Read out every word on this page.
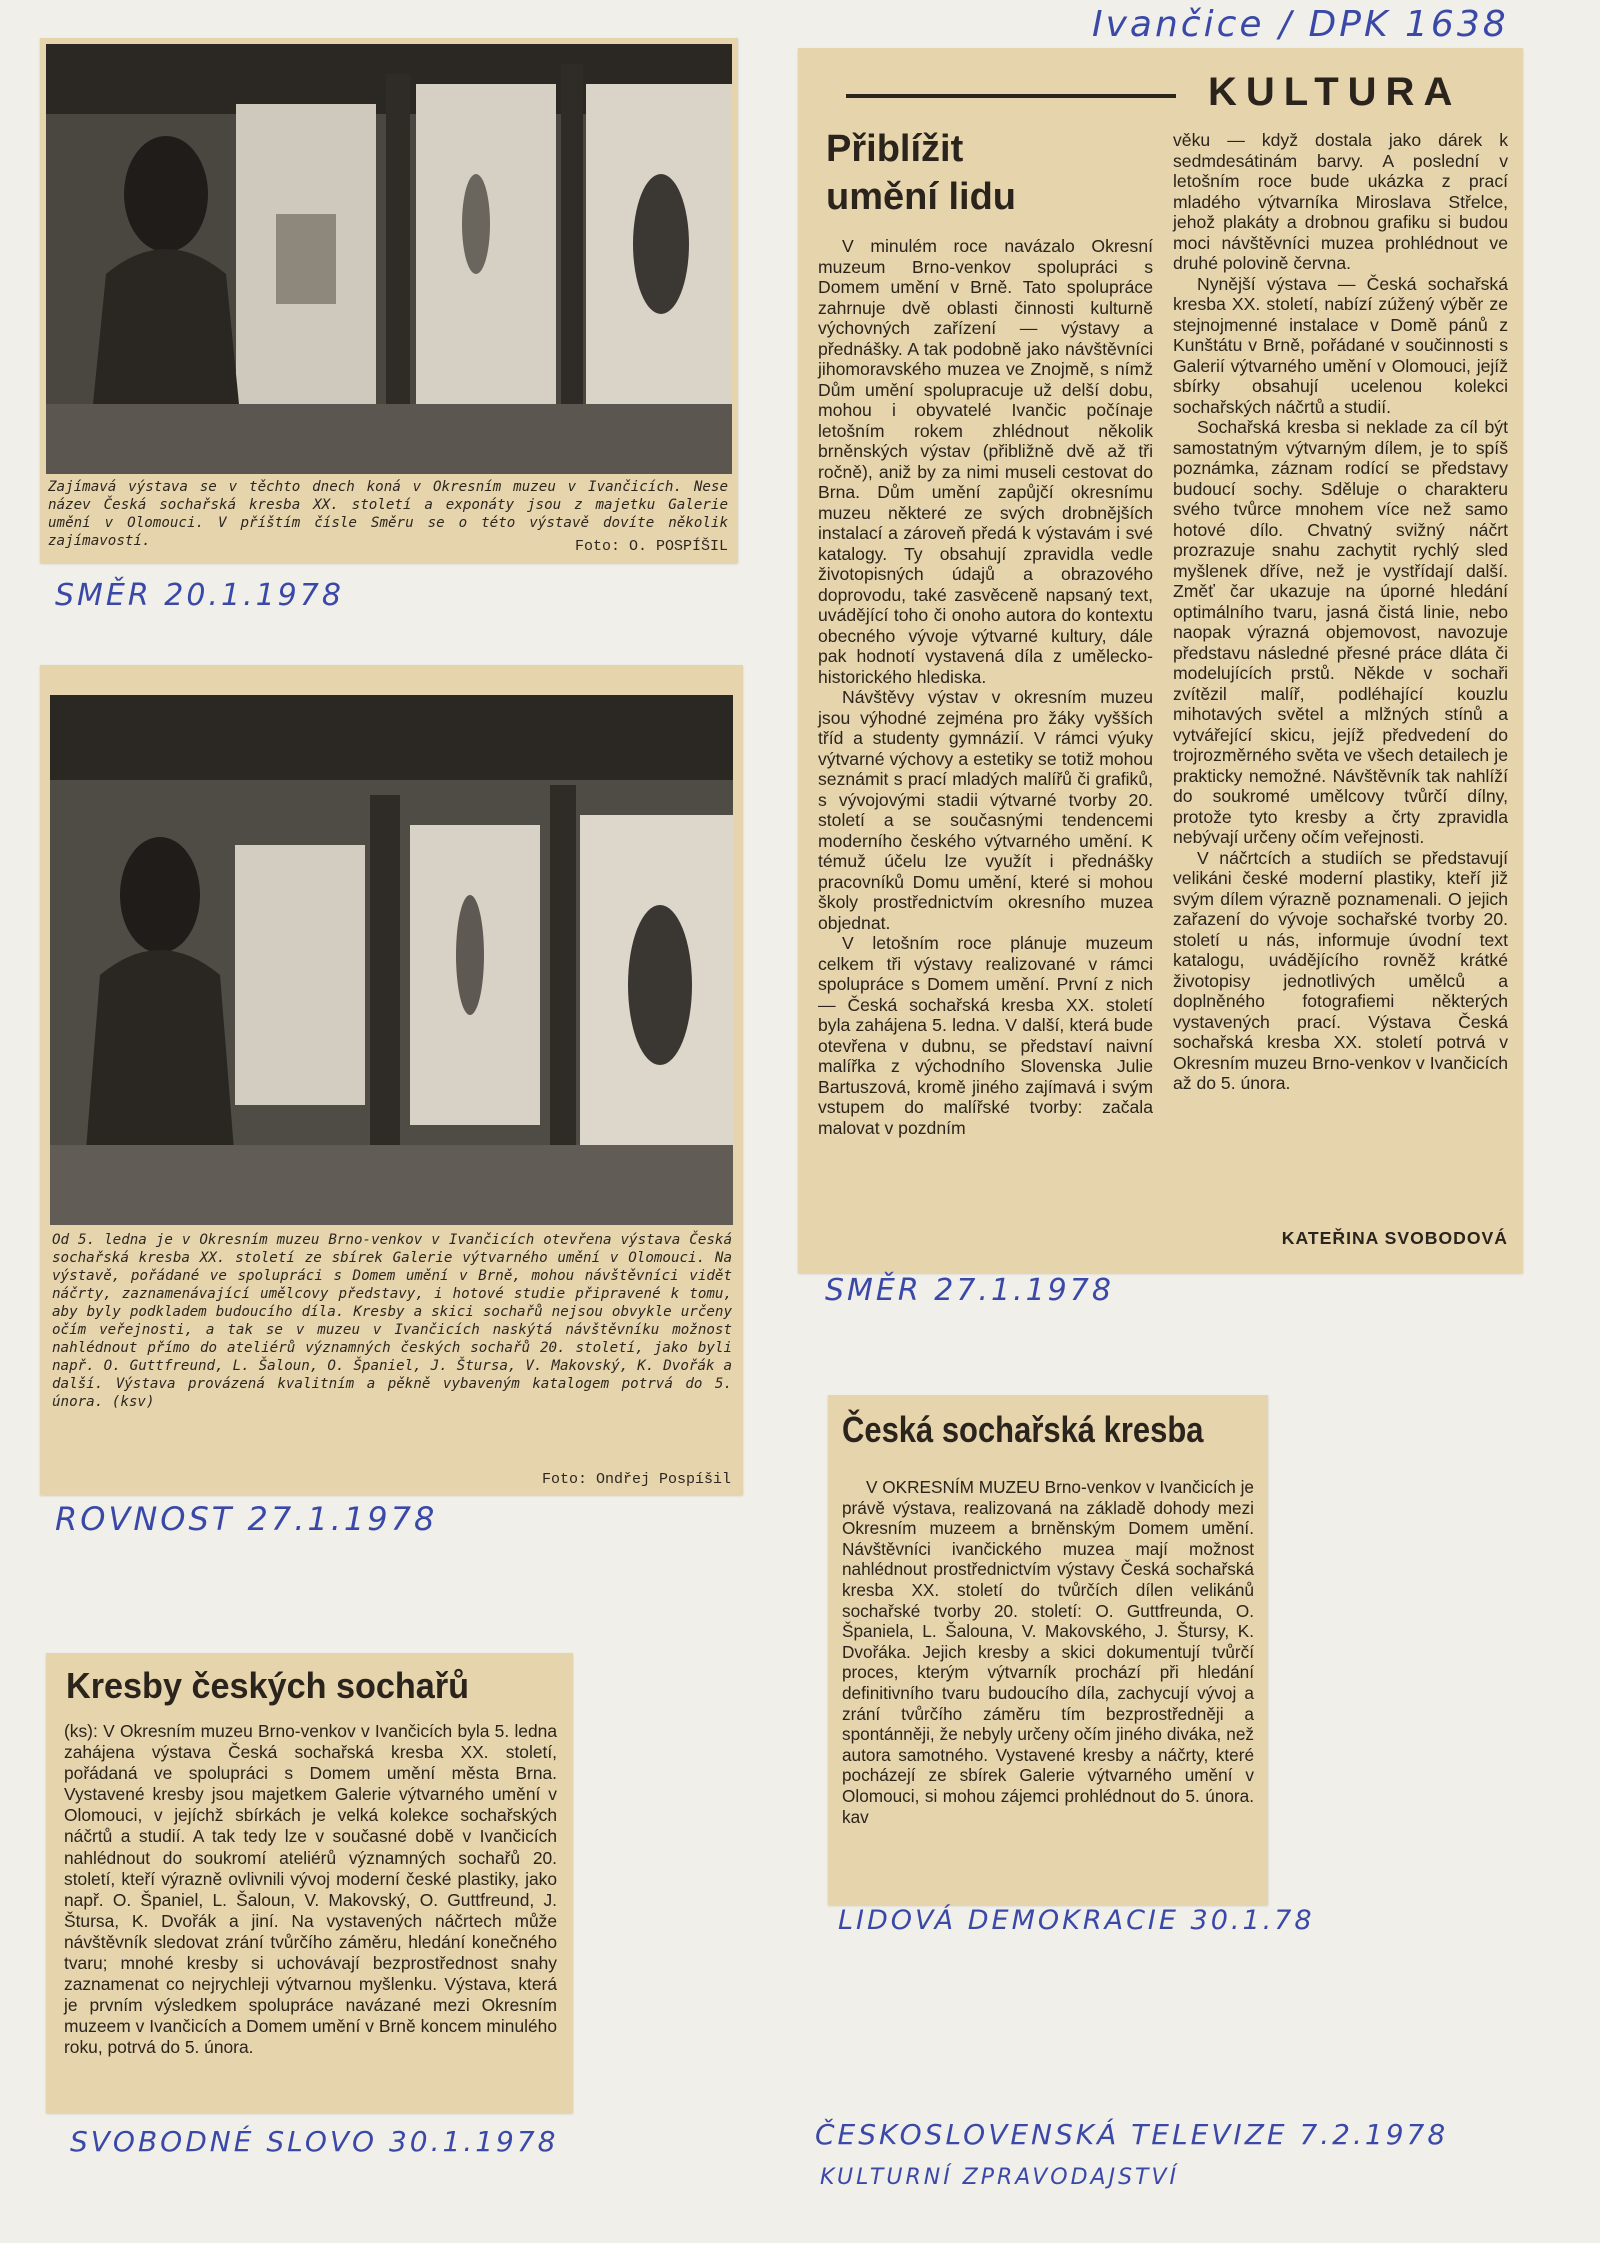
Ivančice / DPK 1638
Zajímavá výstava se v těchto dnech koná v Okresním muzeu v Ivančicích. Nese název Česká sochařská kresba XX. století a exponáty jsou z majetku Galerie umění v Olomouci. V příštím čísle Směru se o této výstavě dovíte několik zajímavostí.	Foto: O. POSPÍŠIL
SMĚR 20.1.1978
Od 5. ledna je v Okresním muzeu Brno-venkov v Ivančicích otevřena výstava Česká sochařská kresba XX. století ze sbírek Galerie výtvarného umění v Olomouci. Na výstavě, pořádané ve spolupráci s Domem umění v Brně, mohou návštěvníci vidět náčrty, zaznamenávající umělcovy představy, i hotové studie připravené k tomu, aby byly podkladem budoucího díla. Kresby a skici sochařů nejsou obvykle určeny očím veřejnosti, a tak se v muzeu v Ivančicích naskýtá návštěvníku možnost nahlédnout přímo do ateliérů významných českých sochařů 20. století, jako byli např. O. Guttfreund, L. Šaloun, O. Španiel, J. Štursa, V. Makovský, K. Dvořák a další. Výstava provázená kvalitním a pěkně vybaveným katalogem potrvá do 5. února. (ksv)
Foto: Ondřej Pospíšil
ROVNOST 27.1.1978
KULTURA
Přiblížit
umění lidu

V minulém roce navázalo Okresní muzeum Brno-venkov spolupráci s Domem umění v Brně. Tato spolupráce zahrnuje dvě oblasti činnosti kulturně výchovných zařízení — výstavy a přednášky. A tak podobně jako návštěvníci jihomoravského muzea ve Znojmě, s nímž Dům umění spolupracuje už delší dobu, mohou i obyvatelé Ivančic počínaje letošním rokem zhlédnout několik brněnských výstav (přibližně dvě až tři ročně), aniž by za nimi museli cestovat do Brna. Dům umění zapůjčí okresnímu muzeu některé ze svých drobnějších instalací a zároveň předá k výstavám i své katalogy. Ty obsahují zpravidla vedle životopisných údajů a obrazového doprovodu, také zasvěceně napsaný text, uvádějící toho či onoho autora do kontextu obecného vývoje výtvarné kultury, dále pak hodnotí vystavená díla z umělecko-historického hlediska.

Návštěvy výstav v okresním muzeu jsou výhodné zejména pro žáky vyšších tříd a studenty gymnázií. V rámci výuky výtvarné výchovy a estetiky se totiž mohou seznámit s prací mladých malířů či grafiků, s vývojovými stadii výtvarné tvorby 20. století a se současnými tendencemi moderního českého výtvarného umění. K témuž účelu lze využít i přednášky pracovníků Domu umění, které si mohou školy prostřednictvím okresního muzea objednat.

V letošním roce plánuje muzeum celkem tři výstavy realizované v rámci spolupráce s Domem umění. První z nich — Česká sochařská kresba XX. století byla zahájena 5. ledna. V další, která bude otevřena v dubnu, se představí naivní malířka z východního Slovenska Julie Bartuszová, kromě jiného zajímavá i svým vstupem do malířské tvorby: začala malovat v pozdním

věku — když dostala jako dárek k sedmdesátinám barvy. A poslední v letošním roce bude ukázka z prací mladého výtvarníka Miroslava Střelce, jehož plakáty a drobnou grafiku si budou moci návštěvníci muzea prohlédnout ve druhé polovině června.

Nynější výstava — Česká sochařská kresba XX. století, nabízí zúžený výběr ze stejnojmenné instalace v Domě pánů z Kunštátu v Brně, pořádané v součinnosti s Galerií výtvarného umění v Olomouci, jejíž sbírky obsahují ucelenou kolekci sochařských náčrtů a studií.

Sochařská kresba si nekladе za cíl být samostatným výtvarným dílem, je to spíš poznámka, záznam rodící se představy budoucí sochy. Sděluje o charakteru svého tvůrce mnohem více než samo hotové dílo. Chvatný svižný náčrt prozrazuje snahu zachytit rychlý sled myšlenek dříve, než je vystřídají další. Změť čar ukazuje na úporné hledání optimálního tvaru, jasná čistá linie, nebo naopak výrazná objemovost, navozuje představu následné přesné práce dláta či modelujících prstů. Někde v sochaři zvítězil malíř, podléhající kouzlu mihotavých světel a mlžných stínů a vytvářející skicu, jejíž předvedení do trojrozměrného světa ve všech detailech je prakticky nemožné. Návštěvník tak nahlíží do soukromé umělcovy tvůrčí dílny, protože tyto kresby a črty zpravidla nebývají určeny očím veřejnosti.

V náčrtcích a studiích se představují velikáni české moderní plastiky, kteří již svým dílem výrazně poznamenali. O jejich zařazení do vývoje sochařské tvorby 20. století u nás, informuje úvodní text katalogu, uvádějícího rovněž krátké životopisy jednotlivých umělců a doplněného fotografiemi některých vystavených prací. Výstava Česká sochařská kresba XX. století potrvá v Okresním muzeu Brno-venkov v Ivančicích až do 5. února.

KATEŘINA SVOBODOVÁ
SMĚR 27.1.1978
Česká sochařská kresba

V OKRESNÍM MUZEU Brno-venkov v Ivančicích je právě výstava, realizovaná na základě dohody mezi Okresním muzeem a brněnským Domem umění. Návštěvníci ivančického muzea mají možnost nahlédnout prostřednictvím výstavy Česká sochařská kresba XX. století do tvůrčích dílen velikánů sochařské tvorby 20. století: O. Guttfreunda, O. Španiela, L. Šalouna, V. Makovského, J. Štursy, K. Dvořáka. Jejich kresby a skici dokumentují tvůrčí proces, kterým výtvarník prochází při hledání definitivního tvaru budoucího díla, zachycují vývoj a zrání tvůrčího záměru tím bezprostředněji a spontánněji, že nebyly určeny očím jiného diváka, než autora samotného. Vystavené kresby a náčrty, které pocházejí ze sbírek Galerie výtvarného umění v Olomouci, si mohou zájemci prohlédnout do 5. února. kav

LIDOVÁ DEMOKRACIE 30.1.78
Kresby českých sochařů

(ks): V Okresním muzeu Brno-venkov v Ivančicích byla 5. ledna zahájena výstava Česká sochařská kresba XX. století, pořádaná ve spolupráci s Domem umění města Brna. Vystavené kresby jsou majetkem Galerie výtvarného umění v Olomouci, v jejíchž sbírkách je velká kolekce sochařských náčrtů a studií. A tak tedy lze v současné době v Ivančicích nahlédnout do soukromí ateliérů významných sochařů 20. století, kteří výrazně ovlivnili vývoj moderní české plastiky, jako např. O. Španiel, L. Šaloun, V. Makovský, O. Guttfreund, J. Štursa, K. Dvořák a jiní. Na vystavených náčrtech může návštěvník sledovat zrání tvůrčího záměru, hledání konečného tvaru; mnohé kresby si uchovávají bezprostřednost snahy zaznamenat co nejrychleji výtvarnou myšlenku. Výstava, která je prvním výsledkem spolupráce navázané mezi Okresním muzeem v Ivančicích a Domem umění v Brně koncem minulého roku, potrvá do 5. února.

SVOBODNÉ SLOVO 30.1.1978	ČESKOSLOVENSKÁ TELEVIZE 7.2.1978
KULTURNÍ ZPRAVODAJSTVÍ
